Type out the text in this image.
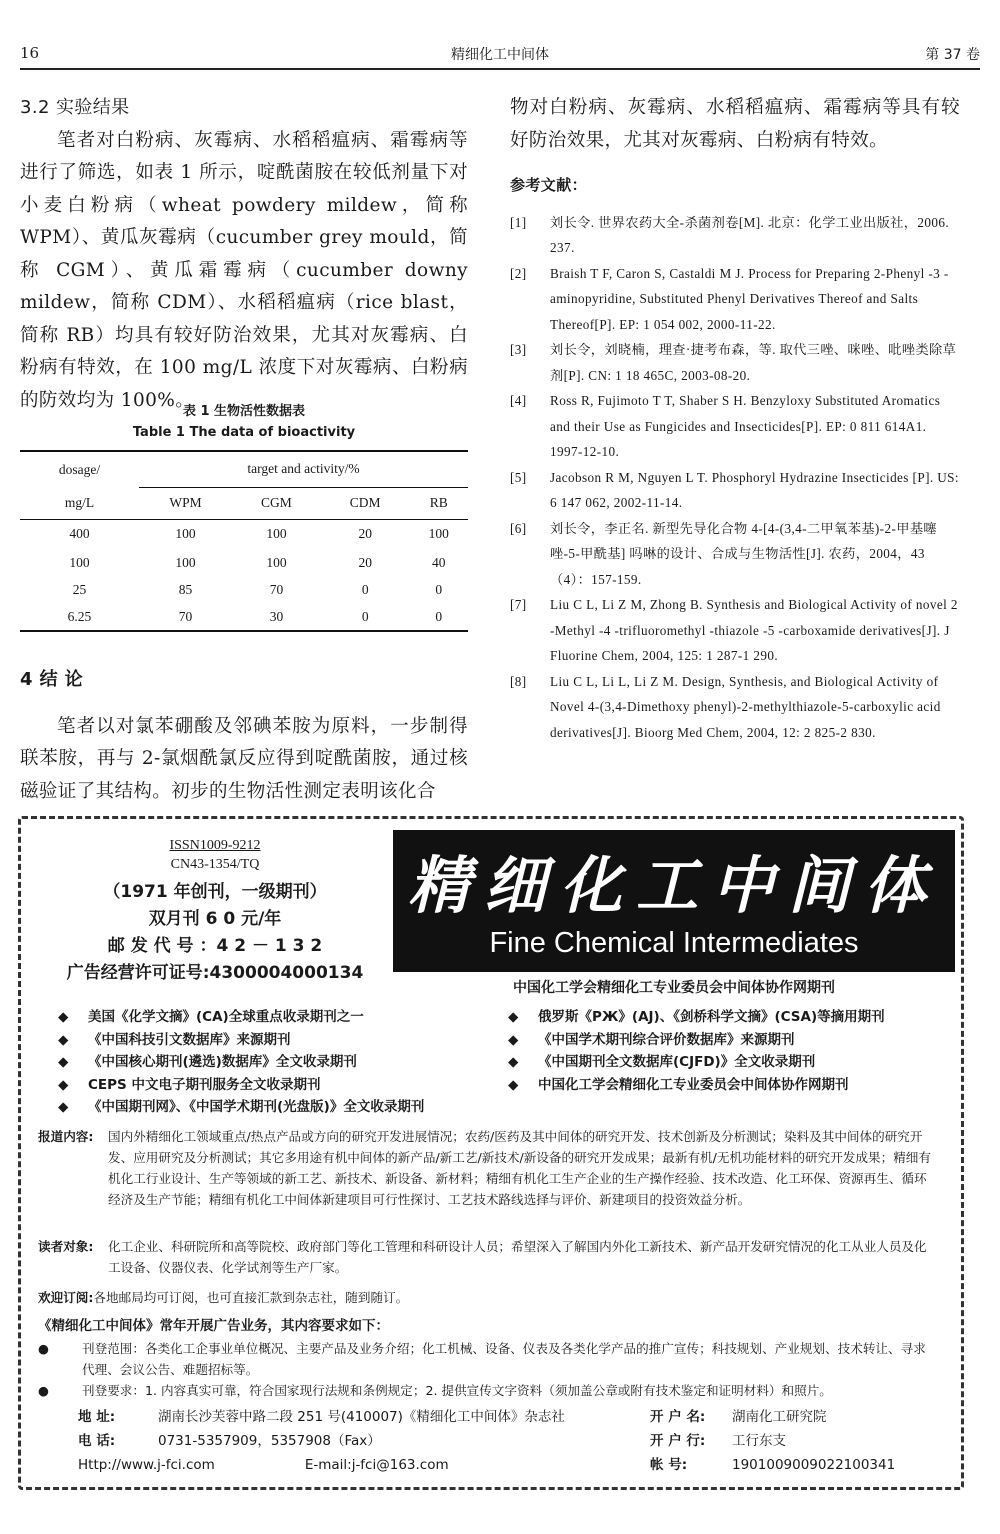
16	精细化工中间体	第 37 卷
3.2 实验结果

笔者对白粉病、灰霉病、水稻稻瘟病、霜霉病等进行了筛选，如表 1 所示，啶酰菌胺在较低剂量下对小麦白粉病（wheat powdery mildew，简称 WPM）、黄瓜灰霉病（cucumber grey mould，简称 CGM）、黄瓜霜霉病（cucumber downy mildew，简称 CDM）、水稻稻瘟病（rice blast，简称 RB）均具有较好防治效果，尤其对灰霉病、白粉病有特效，在 100 mg/L 浓度下对灰霉病、白粉病的防效均为 100%。

表 1 生物活性数据表
Table 1 The data of bioactivity
dosage/	target and activity/%			
mg/L	WPM	CGM	CDM	RB
400	100	100	20	100
100	100	100	20	40
25	85	70	0	0
6.25	70	30	0	0
4 结 论

笔者以对氯苯硼酸及邻碘苯胺为原料，一步制得联苯胺，再与 2-氯烟酰氯反应得到啶酰菌胺，通过核磁验证了其结构。初步的生物活性测定表明该化合

物对白粉病、灰霉病、水稻稻瘟病、霜霉病等具有较好防治效果，尤其对灰霉病、白粉病有特效。

参考文献：

[1] 刘长令. 世界农药大全-杀菌剂卷[M]. 北京：化学工业出版社，2006. 237.

[2] Braish T F, Caron S, Castaldi M J. Process for Preparing 2-Phenyl -3 -aminopyridine, Substituted Phenyl Derivatives Thereof and Salts Thereof[P]. EP: 1 054 002, 2000-11-22.

[3] 刘长令，刘晓楠，理查·捷考布森，等. 取代三唑、咪唑、吡唑类除草剂[P]. CN: 1 18 465C, 2003-08-20.

[4] Ross R, Fujimoto T T, Shaber S H. Benzyloxy Substituted Aromatics and their Use as Fungicides and Insecticides[P]. EP: 0 811 614A1. 1997-12-10.

[5] Jacobson R M, Nguyen L T. Phosphoryl Hydrazine Insecticides [P]. US: 6 147 062, 2002-11-14.

[6] 刘长令，李正名. 新型先导化合物 4-[4-(3,4-二甲氧苯基)-2-甲基噻唑-5-甲酰基] 吗啉的设计、合成与生物活性[J]. 农药，2004，43（4）：157-159.

[7] Liu C L, Li Z M, Zhong B. Synthesis and Biological Activity of novel 2 -Methyl -4 -trifluoromethyl -thiazole -5 -carboxamide derivatives[J]. J Fluorine Chem, 2004, 125: 1 287-1 290.

[8] Liu C L, Li L, Li Z M. Design, Synthesis, and Biological Activity of Novel 4-(3,4-Dimethoxy phenyl)-2-methylthiazole-5-carboxylic acid derivatives[J]. Bioorg Med Chem, 2004, 12: 2 825-2 830.

ISSN1009-9212
CN43-1354/TQ
（1971 年创刊，一级期刊）
双月刊 6 0 元/年
邮 发 代 号 ：4 2 － 1 3 2
广告经营许可证号:4300004000134
精细化工中间体
Fine Chemical Intermediates
中国化工学会精细化工专业委员会中间体协作网期刊
◆ 美国《化学文摘》(CA)全球重点收录期刊之一
◆ 《中国科技引文数据库》来源期刊
◆ 《中国核心期刊(遴选)数据库》全文收录期刊
◆ CEPS 中文电子期刊服务全文收录期刊
◆ 《中国期刊网》、《中国学术期刊(光盘版)》全文收录期刊
◆ 俄罗斯《РЖ》(AJ)、《剑桥科学文摘》(CSA)等摘用期刊
◆ 《中国学术期刊综合评价数据库》来源期刊
◆ 《中国期刊全文数据库(CJFD)》全文收录期刊
◆ 中国化工学会精细化工专业委员会中间体协作网期刊
报道内容: 国内外精细化工领域重点/热点产品或方向的研究开发进展情况；农药/医药及其中间体的研究开发、技术创新及分析测试；染料及其中间体的研究开发、应用研究及分析测试；其它多用途有机中间体的新产品/新工艺/新技术/新设备的研究开发成果；最新有机/无机功能材料的研究开发成果；精细有机化工行业设计、生产等领域的新工艺、新技术、新设备、新材料；精细有机化工生产企业的生产操作经验、技术改造、化工环保、资源再生、循环经济及生产节能；精细有机化工中间体新建项目可行性探讨、工艺技术路线选择与评价、新建项目的投资效益分析。
读者对象: 化工企业、科研院所和高等院校、政府部门等化工管理和科研设计人员；希望深入了解国内外化工新技术、新产品开发研究情况的化工从业人员及化工设备、仪器仪表、化学试剂等生产厂家。
欢迎订阅:各地邮局均可订阅，也可直接汇款到杂志社，随到随订。
《精细化工中间体》常年开展广告业务，其内容要求如下：
● 刊登范围：各类化工企事业单位概况、主要产品及业务介绍；化工机械、设备、仪表及各类化学产品的推广宣传；科技规划、产业规划、技术转让、寻求代理、会议公告、难题招标等。
● 刊登要求：1. 内容真实可靠，符合国家现行法规和条例规定；2. 提供宣传文字资料（须加盖公章或附有技术鉴定和证明材料）和照片。
地 址:	湖南长沙芙蓉中路二段 251 号(410007)《精细化工中间体》杂志社
电 话:	0731-5357909，5357908（Fax）
Http://www.j-fci.com	E-mail:j-fci@163.com
开 户 名: 湖南化工研究院
开 户 行: 工行东支
帐 号:	1901009009022100341
